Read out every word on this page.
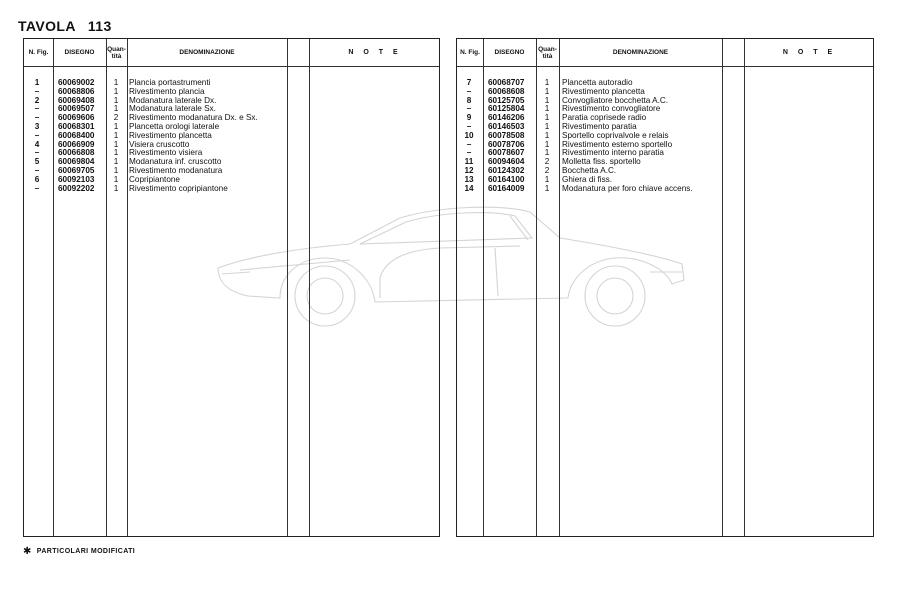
TAVOLA 113
N. Fig.	DISEGNO	Quan- tità	DENOMINAZIONE	N O T E
1	60069002	1	Plancia portastrumenti
–	60068806	1	Rivestimento plancia
2	60069408	1	Modanatura laterale Dx.
–	60069507	1	Modanatura laterale Sx.
–	60069606	2	Rivestimento modanatura Dx. e Sx.
3	60068301	1	Plancetta orologi laterale
–	60068400	1	Rivestimento plancetta
4	60066909	1	Visiera cruscotto
–	60066808	1	Rivestimento visiera
5	60069804	1	Modanatura inf. cruscotto
–	60069705	1	Rivestimento modanatura
6	60092103	1	Copripiantone
–	60092202	1	Rivestimento copripiantone
N. Fig.	DISEGNO	Quan- tità	DENOMINAZIONE	N O T E
7	60068707	1	Plancetta autoradio
–	60068608	1	Rivestimento plancetta
8	60125705	1	Convogliatore bocchetta A.C.
–	60125804	1	Rivestimento convogliatore
9	60146206	1	Paratia coprisede radio
–	60146503	1	Rivestimento paratia
10	60078508	1	Sportello coprivalvole e relais
–	60078706	1	Rivestimento esterno sportello
–	60078607	1	Rivestimento interno paratia
11	60094604	2	Molletta fiss. sportello
12	60124302	2	Bocchetta A.C.
13	60164100	1	Ghiera di fiss.
14	60164009	1	Modanatura per foro chiave accens.
✱ PARTICOLARI MODIFICATI
